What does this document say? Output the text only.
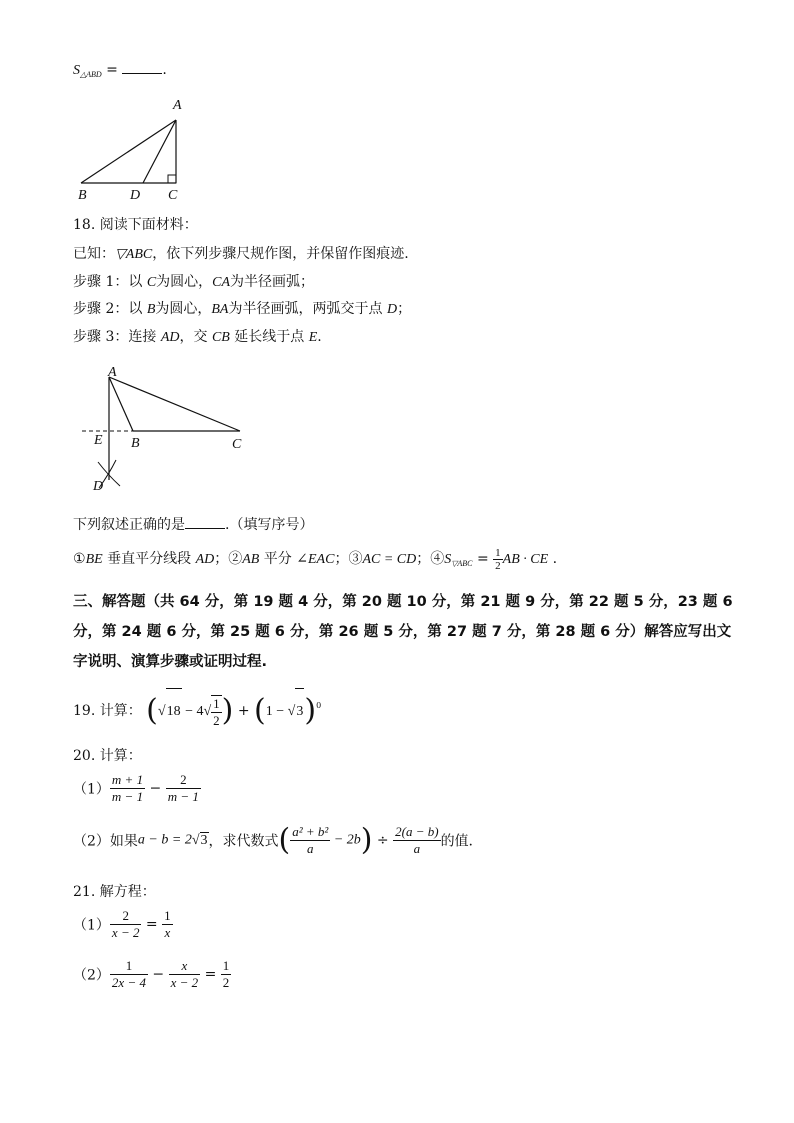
$S_{\triangle ABD}$ =	.
A
B	D C
18. 阅读下面材料：
已知：▽ABC，依下列步骤尺规作图，并保留作图痕迹.
步骤 1：以 C为圆心，CA为半径画弧；
步骤 2：以 B为圆心，BA为半径画弧，两弧交于点 D；
步骤 3：连接 AD，交 CB 延长线于点 E.
A
E B	C
D
下列叙述正确的是	.（填写序号）
①BE 垂直平分线段 AD；②AB 平分 ∠EAC；③AC = CD；$④S_{▽ABC} = \frac{1}{2}$ AB · CE .
三、解答题（共 64 分，第 19 题 4 分，第 20 题 10 分，第 21 题 9 分，第 22 题 5 分，23 题 6
分，第 24 题 6 分，第 25 题 6 分，第 26 题 5 分，第 27 题 7 分，第 28 题 6 分）解答应写出文
字说明、演算步骤或证明过程.
19. 计算： ($√18 - 4√ \frac{1}{2}$ ) + $(1 - √3)^0$
20. 计算：
$(1) \frac{m + 1}{m - 1} - \frac{2}{m - 1}$
（2）如果a − b = 2√3，求代数式( $\frac{\text{a² + b²}}{a} - 2b) \div \frac{2(a - b)}{a}$ 的值.
21. 解方程：
$(1) \frac{2}{x - 2} = \frac{1}{x}$
$(2) \frac{1}{2x - 4} - \frac{x}{x - 2} = \frac{1}{2}$
